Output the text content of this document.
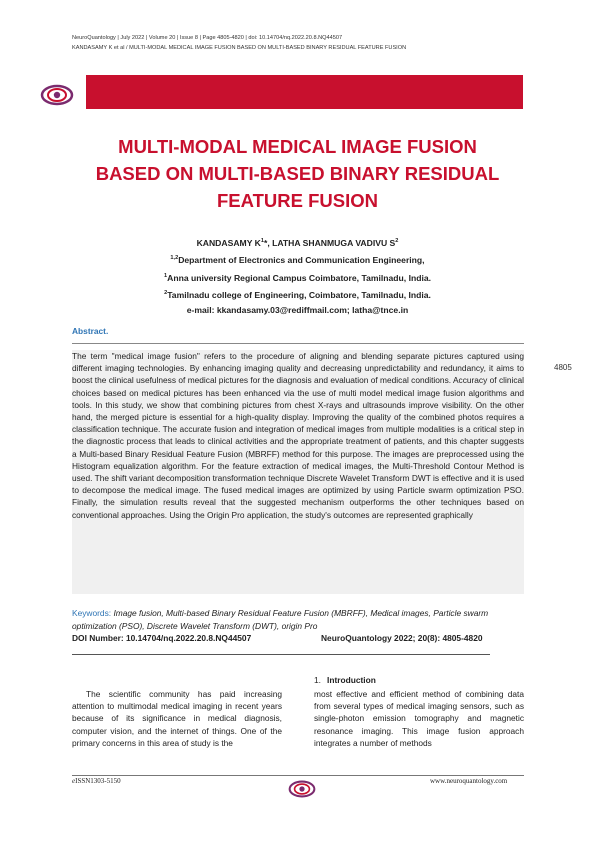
NeuroQuantology | July 2022 | Volume 20 | Issue 8 | Page 4805-4820 | doi: 10.14704/nq.2022.20.8.NQ44507
KANDASAMY K et al / MULTI-MODAL MEDICAL IMAGE FUSION BASED ON MULTI-BASED BINARY RESIDUAL FEATURE FUSION
MULTI-MODAL MEDICAL IMAGE FUSION
BASED ON MULTI-BASED BINARY RESIDUAL
FEATURE FUSION
KANDASAMY $K^1*$, LATHA SHANMUGA VADIVU $S^2$
$^{1,2}$Department of Electronics and Communication Engineering,
$^1$Anna university Regional Campus Coimbatore, Tamilnadu, India.
$^2$Tamilnadu college of Engineering, Coimbatore, Tamilnadu, India.
e-mail: kkandasamy.03@rediffmail.com; latha@tnce.in
Abstract.

The term "medical image fusion" refers to the procedure of aligning and blending separate pictures captured using different imaging technologies. By enhancing imaging quality and decreasing unpredictability and redundancy, it aims to boost the clinical usefulness of medical pictures for the diagnosis and evaluation of medical conditions. Accuracy of clinical choices based on medical pictures has been enhanced via the use of multi model medical image fusion algorithms and tools. In this study, we show that combining pictures from chest X-rays and ultrasounds improve visibility. On the other hand, the merged picture is essential for a high-quality display. Improving the quality of the combined photos requires a classification technique. The accurate fusion and integration of medical images from multiple modalities is a critical step in the diagnostic process that leads to clinical activities and the appropriate treatment of patients, and this chapter suggests a Multi-based Binary Residual Feature Fusion (MBRFF) method for this purpose. The images are preprocessed using the Histogram equalization algorithm. For the feature extraction of medical images, the Multi-Threshold Contour Method is used. The shift variant decomposition transformation technique Discrete Wavelet Transform DWT is effective and it is used to decompose the medical image. The fused medical images are optimized by using Particle swarm optimization PSO. Finally, the simulation results reveal that the suggested mechanism outperforms the other techniques based on conventional approaches. Using the Origin Pro application, the study's outcomes are represented graphically

4805
Keywords: Image fusion, Multi-based Binary Residual Feature Fusion (MBRFF), Medical images, Particle swarm optimization (PSO), Discrete Wavelet Transform (DWT), origin Pro
DOI Number: 10.14704/nq.2022.20.8.NQ44507	NeuroQuantology 2022; 20(8): 4805-4820

The scientific community has paid increasing attention to multimodal medical imaging in recent years because of its significance in medical diagnosis, computer vision, and the internet of things. One of the primary concerns in this area of study is the

1. Introduction

most effective and efficient method of combining data from several types of medical imaging sensors, such as single-photon emission tomography and magnetic resonance imaging. This image fusion approach integrates a number of methods

eISSN1303-5150	www.neuroquantology.com
